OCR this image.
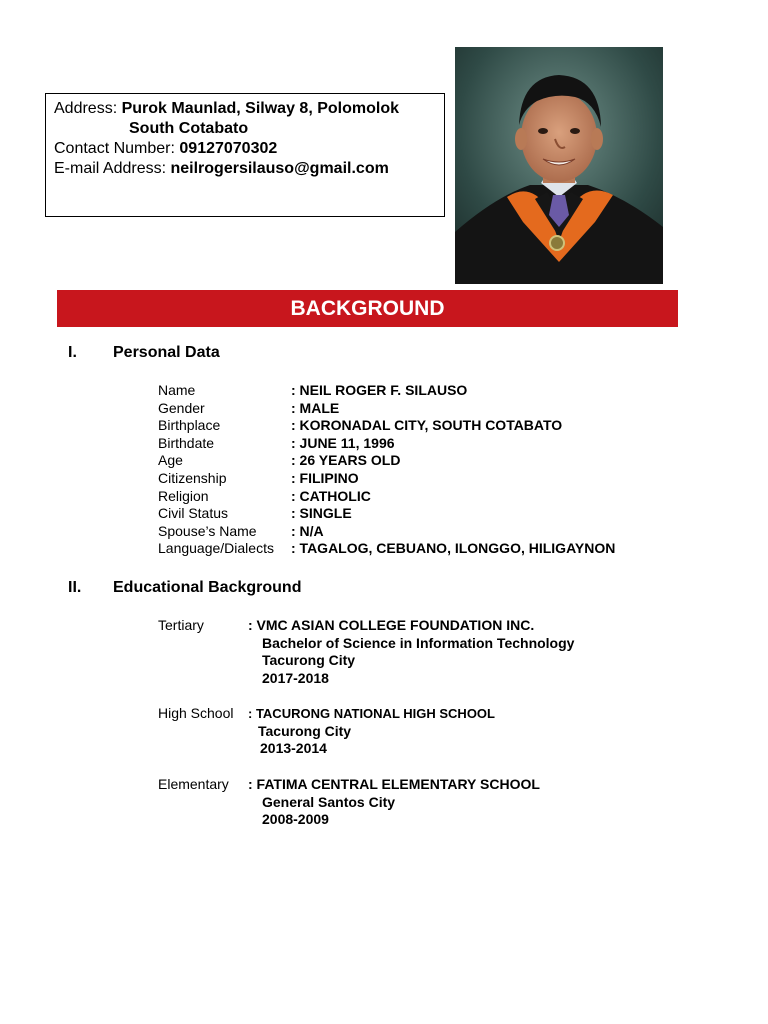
Address: Purok Maunlad, Silway 8, Polomolok
South Cotabato
Contact Number: 09127070302
E-mail Address: neilrogersilauso@gmail.com
BACKGROUND
I. Personal Data
Name	: NEIL ROGER F. SILAUSO
Gender	: MALE
Birthplace	: KORONADAL CITY, SOUTH COTABATO
Birthdate	: JUNE 11, 1996
Age	: 26 YEARS OLD
Citizenship	: FILIPINO
Religion	: CATHOLIC
Civil Status	: SINGLE
Spouse’s Name	: N/A
Language/Dialects	: TAGALOG, CEBUANO, ILONGGO, HILIGAYNON
II. Educational Background
Tertiary	: VMC ASIAN COLLEGE FOUNDATION INC.
Bachelor of Science in Information Technology
Tacurong City
2017-2018
High School	: TACURONG NATIONAL HIGH SCHOOL
Tacurong City
2013-2014
Elementary	: FATIMA CENTRAL ELEMENTARY SCHOOL
General Santos City
2008-2009
